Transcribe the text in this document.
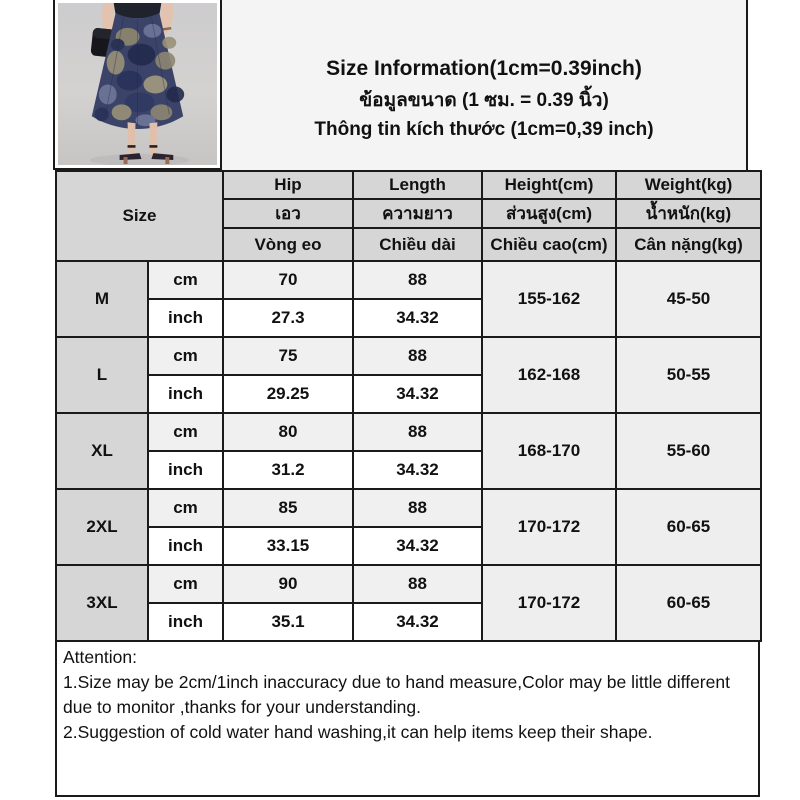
Size Information(1cm=0.39inch)
ข้อมูลขนาด (1 ซม. = 0.39 นิ้ว)
Thông tin kích thước (1cm=0,39 inch)
Size		Hip	Length	Height(cm)	Weight(kg)
		เอว	ความยาว	ส่วนสูง(cm)	น้ำหนัก(kg)
		Vòng eo	Chiều dài	Chiều cao(cm)	Cân nặng(kg)
M	cm	70	88	155-162	45-50
	inch	27.3	34.32		
L	cm	75	88	162-168	50-55
	inch	29.25	34.32		
XL	cm	80	88	168-170	55-60
	inch	31.2	34.32		
2XL	cm	85	88	170-172	60-65
	inch	33.15	34.32		
3XL	cm	90	88	170-172	60-65
	inch	35.1	34.32		
Attention:
1.Size may be 2cm/1inch inaccuracy due to hand measure,Color may be little different
due to monitor ,thanks for your understanding.
2.Suggestion of cold water hand washing,it can help items keep their shape.
